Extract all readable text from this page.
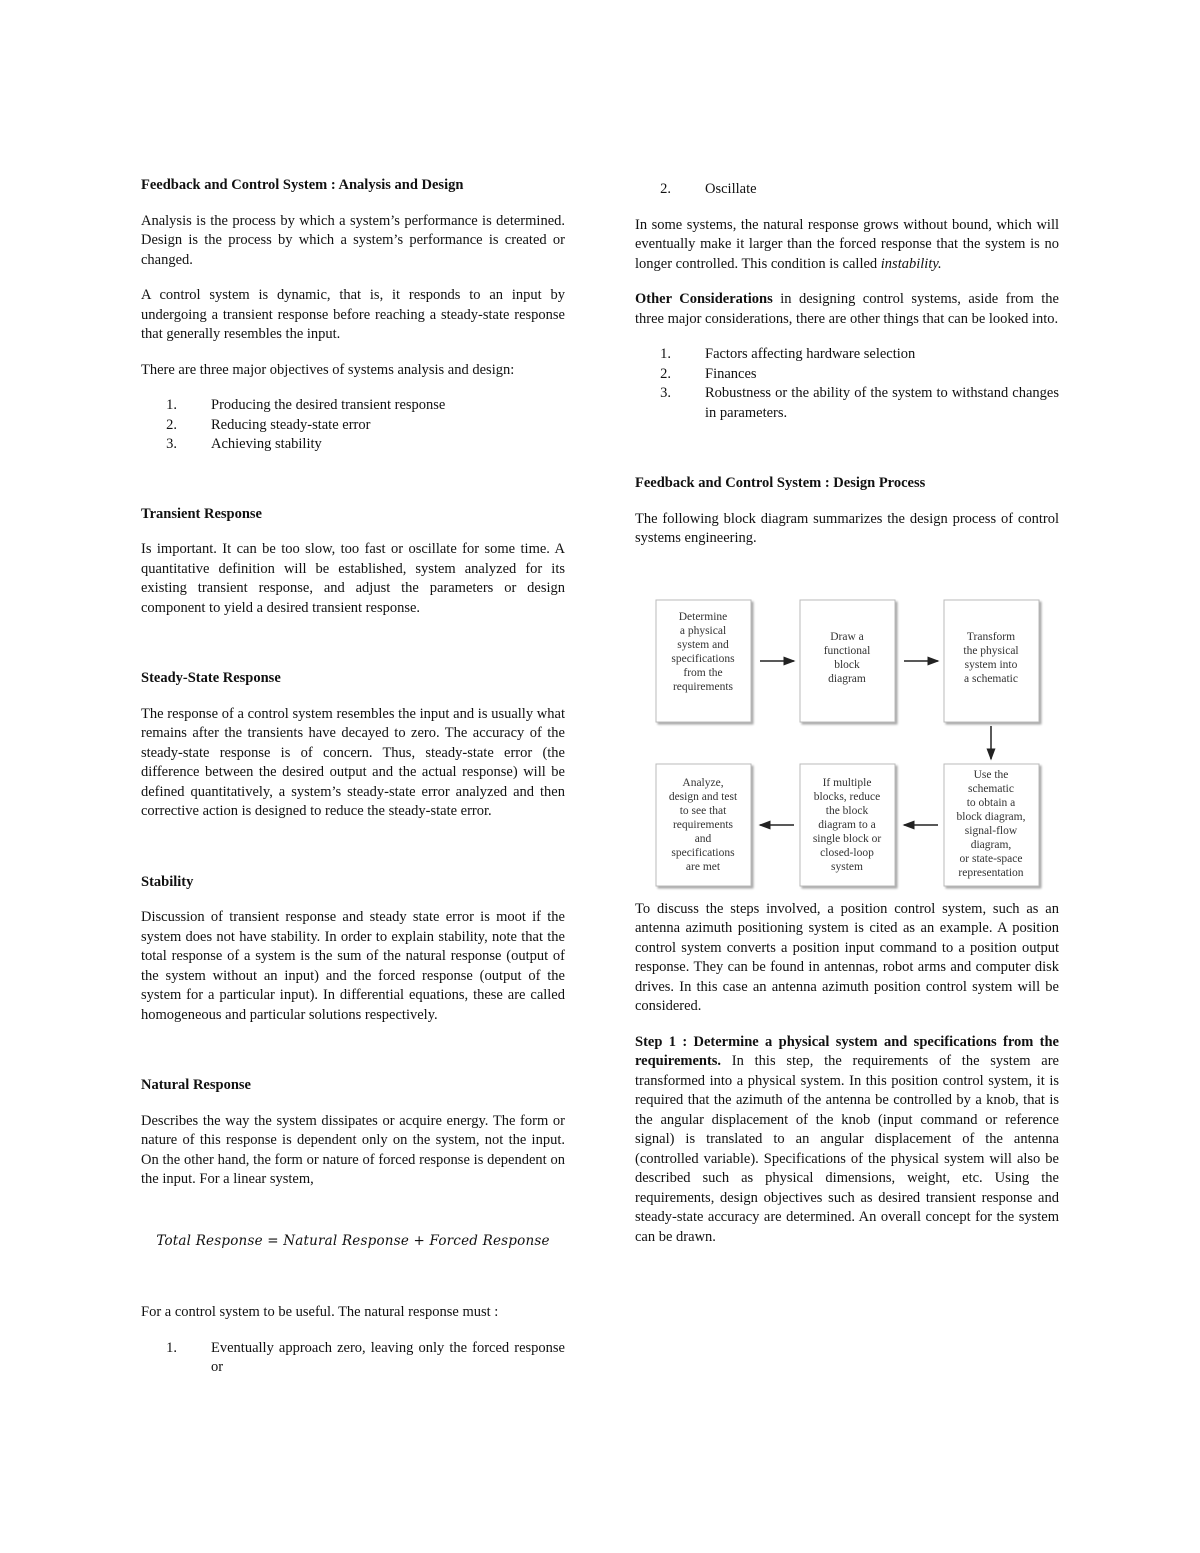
Feedback and Control System : Analysis and Design

Analysis is the process by which a system’s performance is determined. Design is the process by which a system’s performance is created or changed.

A control system is dynamic, that is, it responds to an input by undergoing a transient response before reaching a steady-state response that generally resembles the input.

There are three major objectives of systems analysis and design:

1.	Producing the desired transient response
2.	Reducing steady-state error
3.	Achieving stability

Transient Response

Is important. It can be too slow, too fast or oscillate for some time. A quantitative definition will be established, system analyzed for its existing transient response, and adjust the parameters or design component to yield a desired transient response.

Steady-State Response

The response of a control system resembles the input and is usually what remains after the transients have decayed to zero. The accuracy of the steady-state response is of concern. Thus, steady-state error (the difference between the desired output and the actual response) will be defined quantitatively, a system’s steady-state error analyzed and then corrective action is designed to reduce the steady-state error.

Stability

Discussion of transient response and steady state error is moot if the system does not have stability. In order to explain stability, note that the total response of a system is the sum of the natural response (output of the system without an input) and the forced response (output of the system for a particular input). In differential equations, these are called homogeneous and particular solutions respectively.

Natural Response

Describes the way the system dissipates or acquire energy. The form or nature of this response is dependent only on the system, not the input. On the other hand, the form or nature of forced response is dependent on the input. For a linear system,

Total Response = Natural Response + Forced Response

For a control system to be useful. The natural response must :

1.	Eventually approach zero, leaving only the forced response or
2.	Oscillate

In some systems, the natural response grows without bound, which will eventually make it larger than the forced response that the system is no longer controlled. This condition is called instability.

Other Considerations in designing control systems, aside from the three major considerations, there are other things that can be looked into.

1.	Factors affecting hardware selection
2.	Finances
3.	Robustness or the ability of the system to withstand changes in parameters.

Feedback and Control System : Design Process

The following block diagram summarizes the design process of control systems engineering.

To discuss the steps involved, a position control system, such as an antenna azimuth positioning system is cited as an example. A position control system converts a position input command to a position output response. They can be found in antennas, robot arms and computer disk drives. In this case an antenna azimuth position control system will be considered.

Step 1 : Determine a physical system and specifications from the requirements. In this step, the requirements of the system are transformed into a physical system. In this position control system, it is required that the azimuth of the antenna be controlled by a knob, that is the angular displacement of the knob (input command or reference signal) is translated to an angular displacement of the antenna (controlled variable). Specifications of the physical system will also be described such as physical dimensions, weight, etc. Using the requirements, design objectives such as desired transient response and steady-state accuracy are determined. An overall concept for the system can be drawn.

Determine a physical system and specifications from the requirements
Draw a functional block diagram
Transform the physical system into a schematic
Use the schematic to obtain a block diagram, signal-flow diagram, or state-space representation
If multiple blocks, reduce the block diagram to a single block or closed-loop system
Analyze, design and test to see that requirements and specifications are met
